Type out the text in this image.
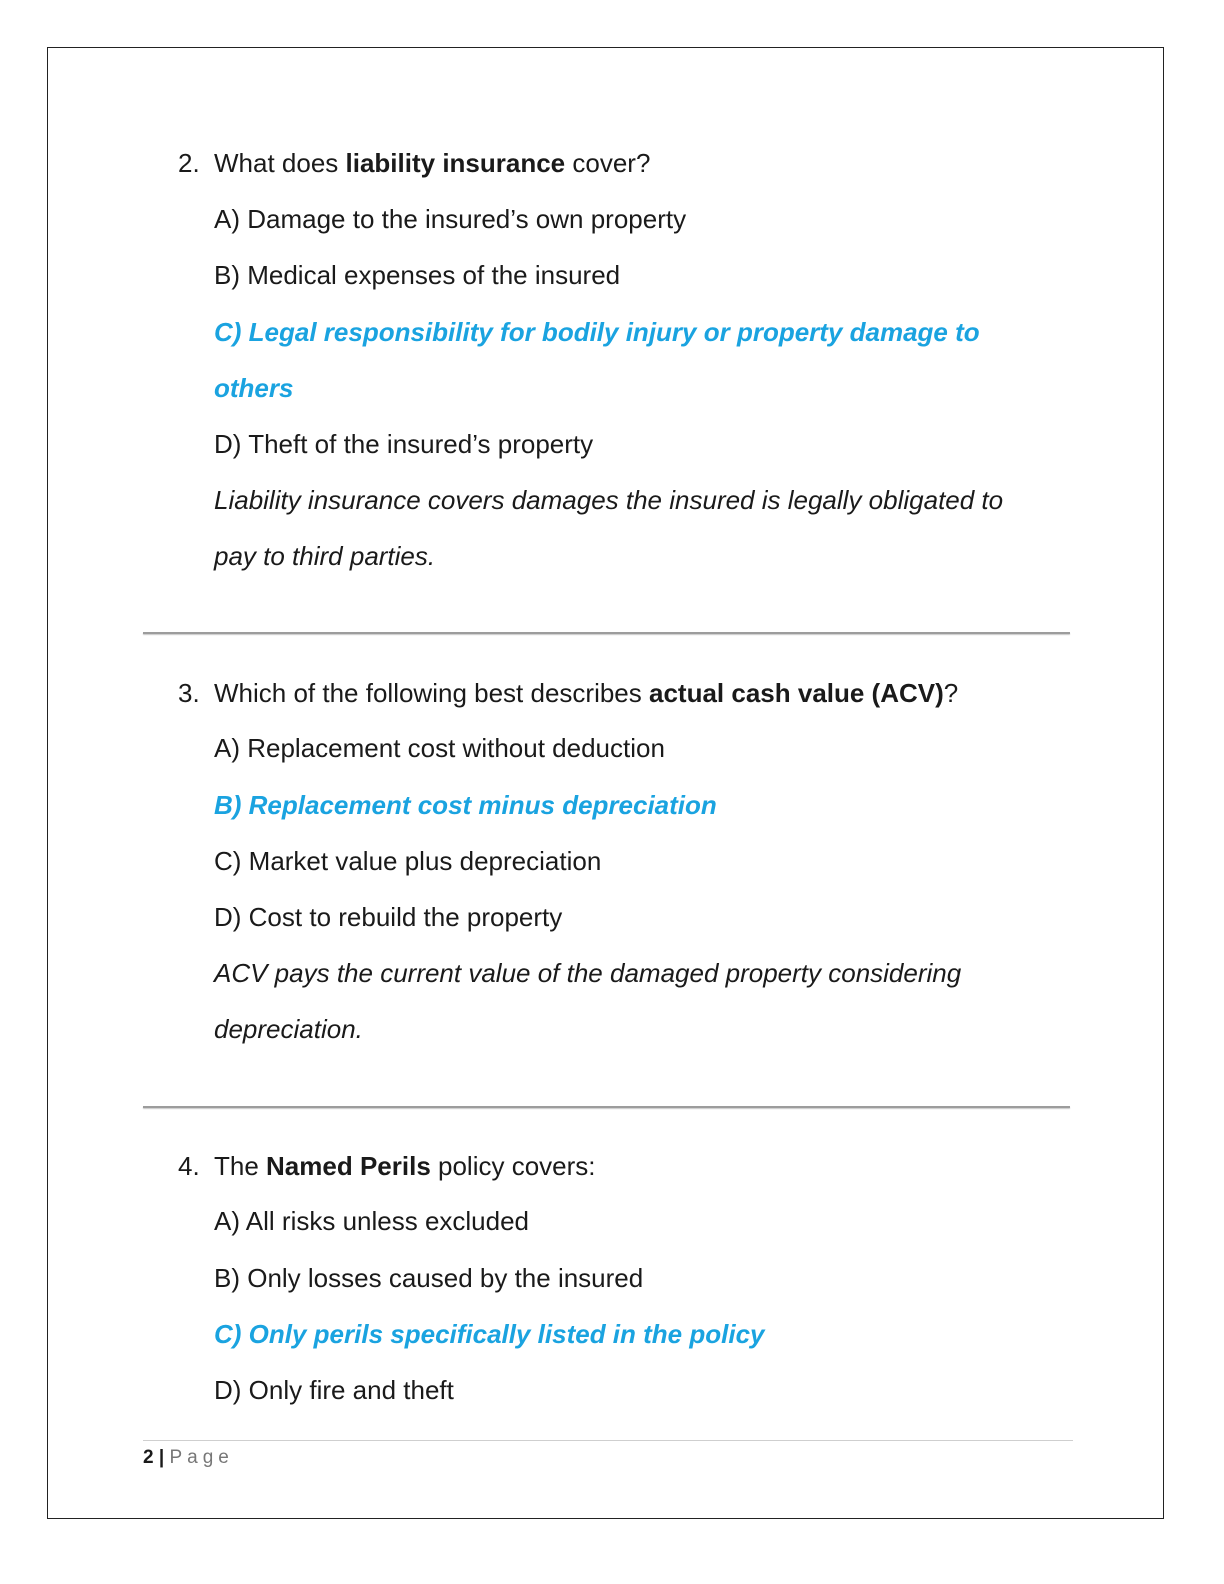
2. What does liability insurance cover?
A) Damage to the insured’s own property
B) Medical expenses of the insured
C) Legal responsibility for bodily injury or property damage to
others
D) Theft of the insured’s property
Liability insurance covers damages the insured is legally obligated to
pay to third parties.
3. Which of the following best describes actual cash value (ACV)?
A) Replacement cost without deduction
B) Replacement cost minus depreciation
C) Market value plus depreciation
D) Cost to rebuild the property
ACV pays the current value of the damaged property considering
depreciation.
4. The Named Perils policy covers:
A) All risks unless excluded
B) Only losses caused by the insured
C) Only perils specifically listed in the policy
D) Only fire and theft
2 | Page
